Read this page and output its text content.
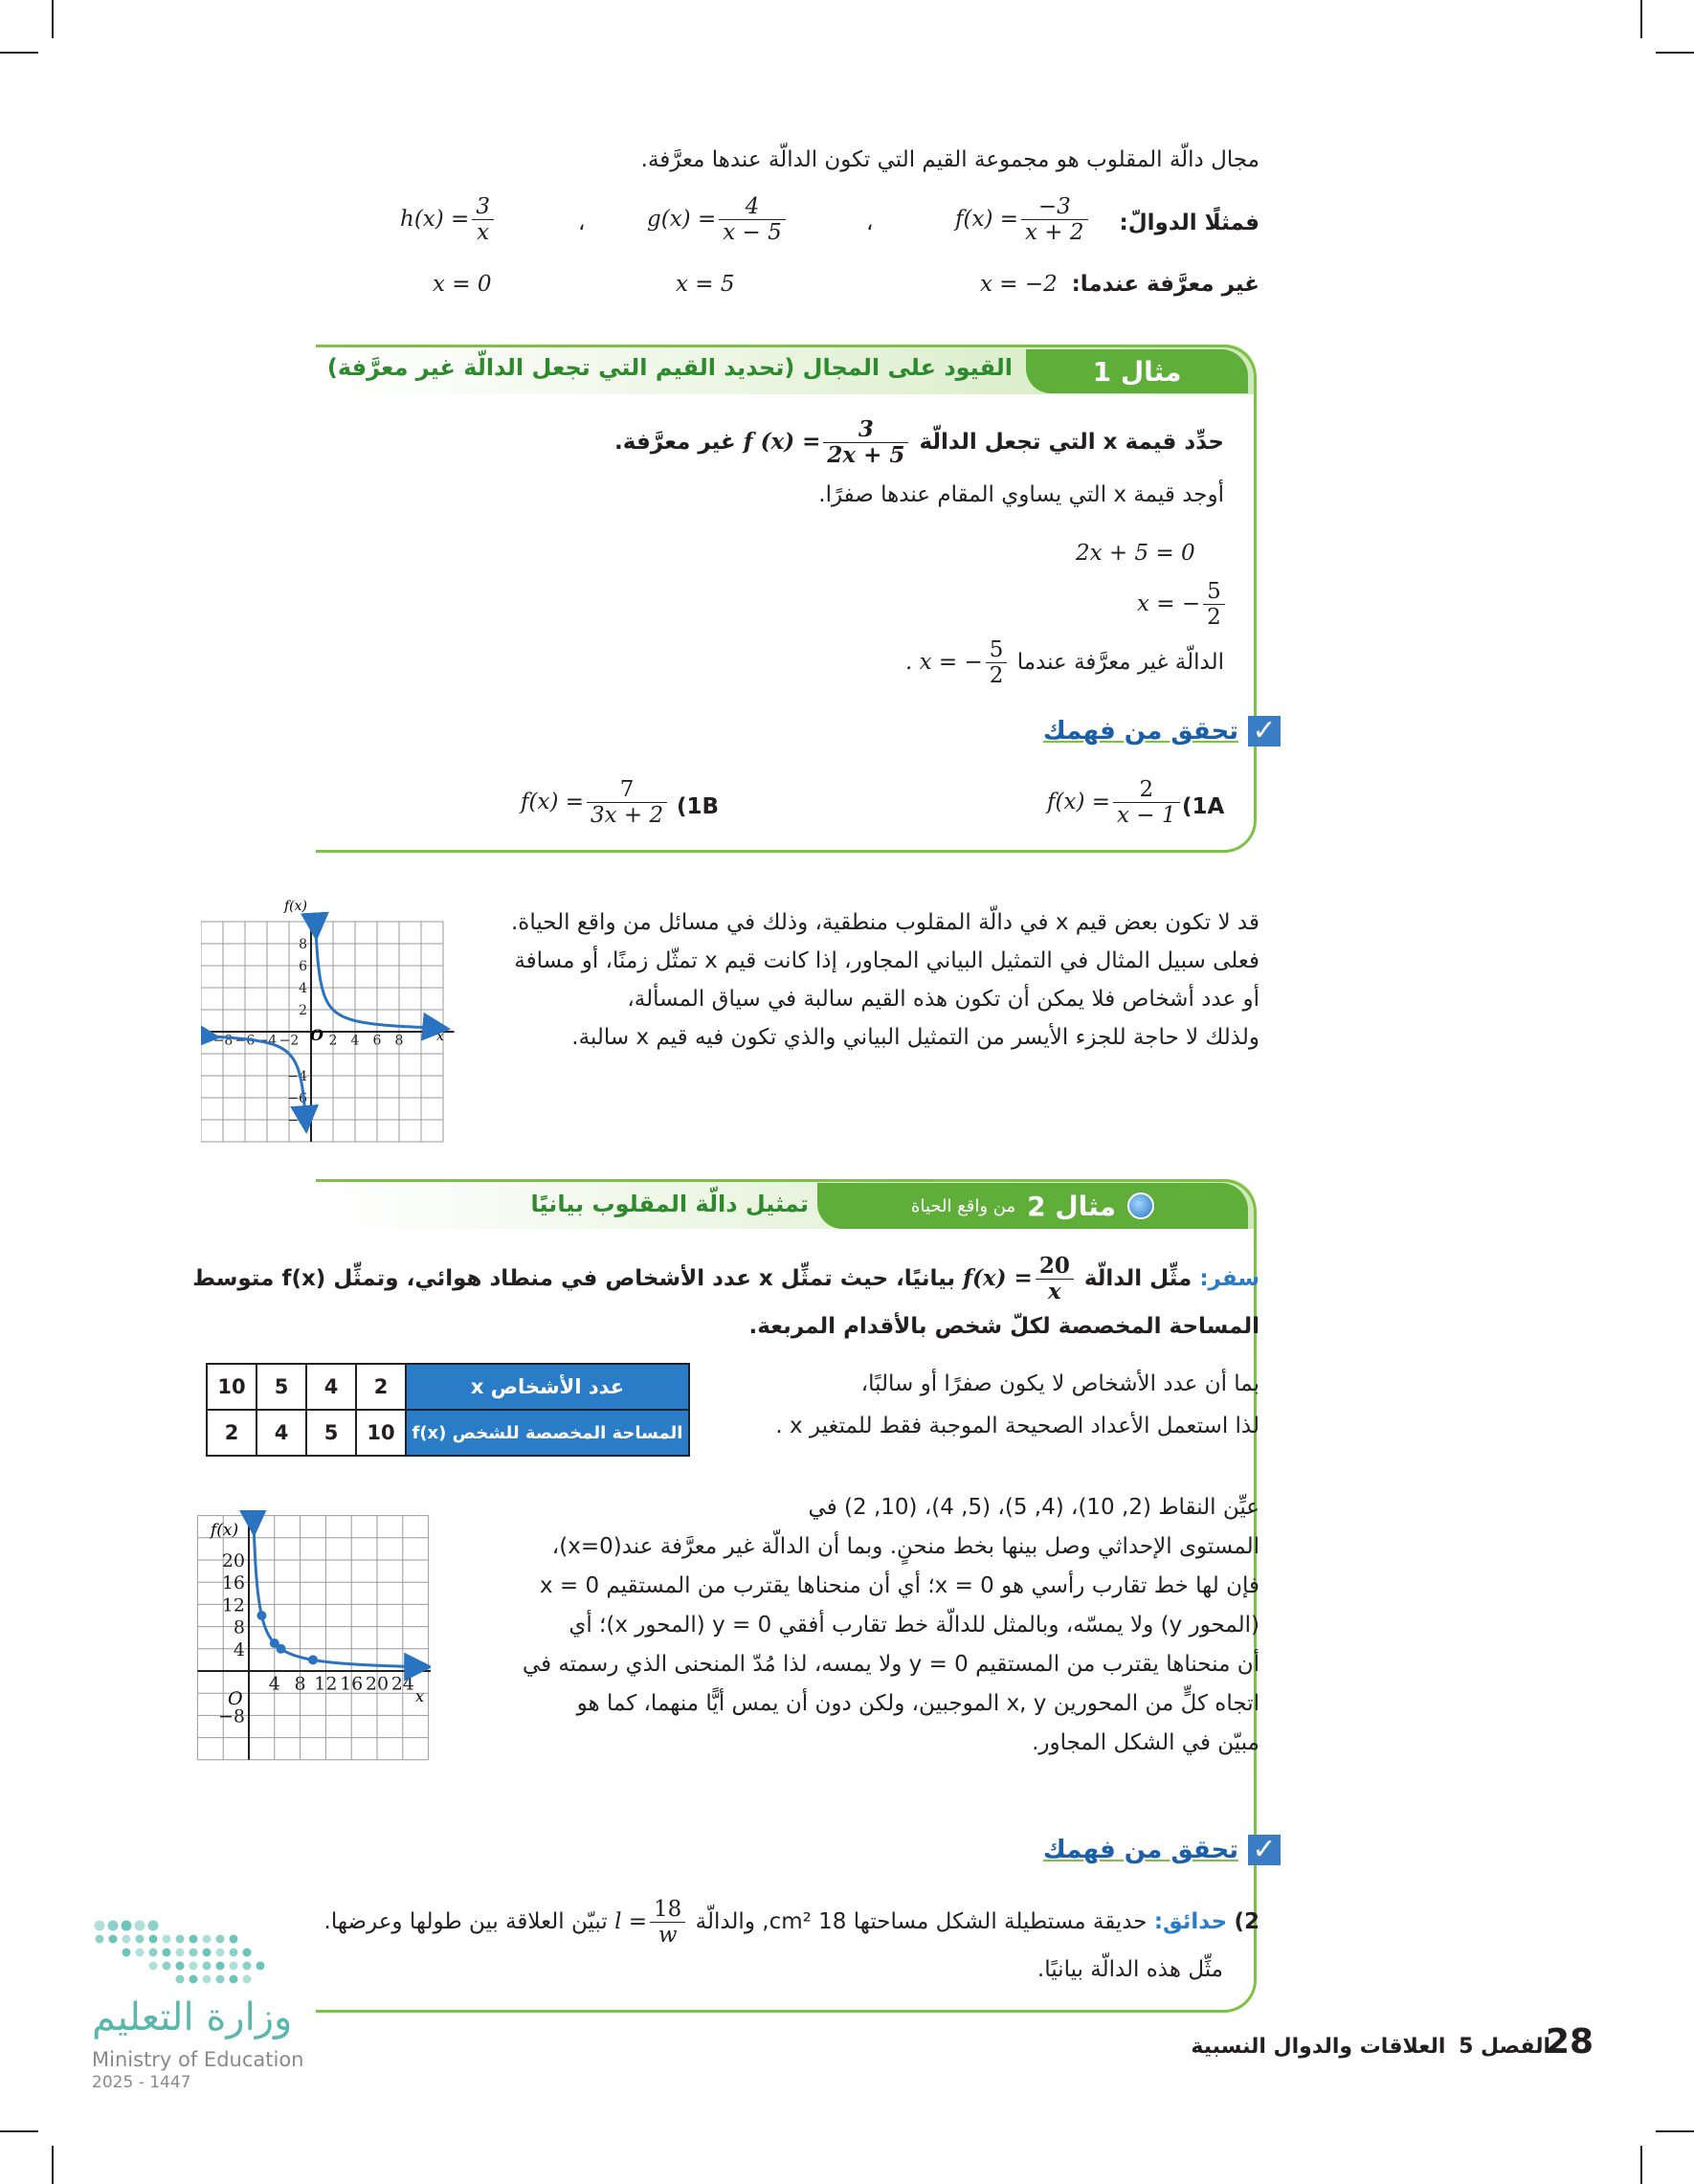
مجال دالّة المقلوب هو مجموعة القيم التي تكون الدالّة عندها معرَّفة.
فمثلًا الدوالّ:
$f(x) = \frac{-3}{x + 2}$
،
$g(x) = \frac{4}{x - 5}$
،
$h(x) = \frac{3}{x}$
غير معرَّفة عندما:
x = −2
x = 5
x = 0
مثال 1
القيود على المجال (تحديد القيم التي تجعل الدالّة غير معرَّفة)
حدِّد قيمة x التي تجعل الدالّة f $(x) = \frac{3}{2x + 5}$
غير معرَّفة.
أوجد قيمة x التي يساوي المقام عندها صفرًا.
2x + 5 = 0
x = − $\frac{5}{2}$
الدالّة غير معرَّفة عندما . x = − $\frac{5}{2}$
✓
تحقق من فهمك
(1A
$f(x) = \frac{2}{x - 1}$
(1B
$f(x) = \frac{7}{3x + 2}$
قد لا تكون بعض قيم x في دالّة المقلوب منطقية، وذلك في مسائل من واقع الحياة.
فعلى سبيل المثال في التمثيل البياني المجاور، إذا كانت قيم x تمثّل زمنًا، أو مسافة
أو عدد أشخاص فلا يمكن أن تكون هذه القيم سالبة في سياق المسألة،
ولذلك لا حاجة للجزء الأيسر من التمثيل البياني والذي تكون فيه قيم x سالبة.
−8 −6 −4 −2 2 4 6 8
8
6
4
2
−4
−6
−8
f(x)
x
O
من واقع الحياة مثال 2
تمثيل دالّة المقلوب بيانيًا
سفر: مثِّل الدالّة $f(x) = \frac{20}{x}$
بيانيًا، حيث تمثِّل x عدد الأشخاص في منطاد هوائي، وتمثِّل f(x) متوسط
المساحة المخصصة لكلّ شخص بالأقدام المربعة.
بما أن عدد الأشخاص لا يكون صفرًا أو سالبًا،
لذا استعمل الأعداد الصحيحة الموجبة فقط للمتغير x .
10	5	4	2	عدد الأشخاص x
2	4	5	10	المساحة المخصصة للشخص f(x)
عيِّن النقاط (2, 10)، (4, 5)، (5, 4)، (10, 2) في
المستوى الإحداثي وصل بينها بخط منحنٍ. وبما أن الدالّة غير معرَّفة عند(x=0)،
فإن لها خط تقارب رأسي هو x = 0؛ أي أن منحناها يقترب من المستقيم x = 0
(المحور y) ولا يمسّه، وبالمثل للدالّة خط تقارب أفقي y = 0 (المحور x)؛ أي
أن منحناها يقترب من المستقيم y = 0 ولا يمسه، لذا مُدّ المنحنى الذي رسمته في
اتجاه كلٍّ من المحورين x, y الموجبين، ولكن دون أن يمس أيًّا منهما، كما هو
مبيّن في الشكل المجاور.
4 8 12 16 20 24
20
16
12
8
4
−8
f(x)
x
O
✓
تحقق من فهمك
2) حدائق: حديقة مستطيلة الشكل مساحتها 18 cm², والدالّة $l = \frac{18}{w}$
تبيّن العلاقة بين طولها وعرضها.
مثِّل هذه الدالّة بيانيًا.
وزارة التعليم
Ministry of Education
2025 - 1447
الفصل 5 العلاقات والدوال النسبية	28
